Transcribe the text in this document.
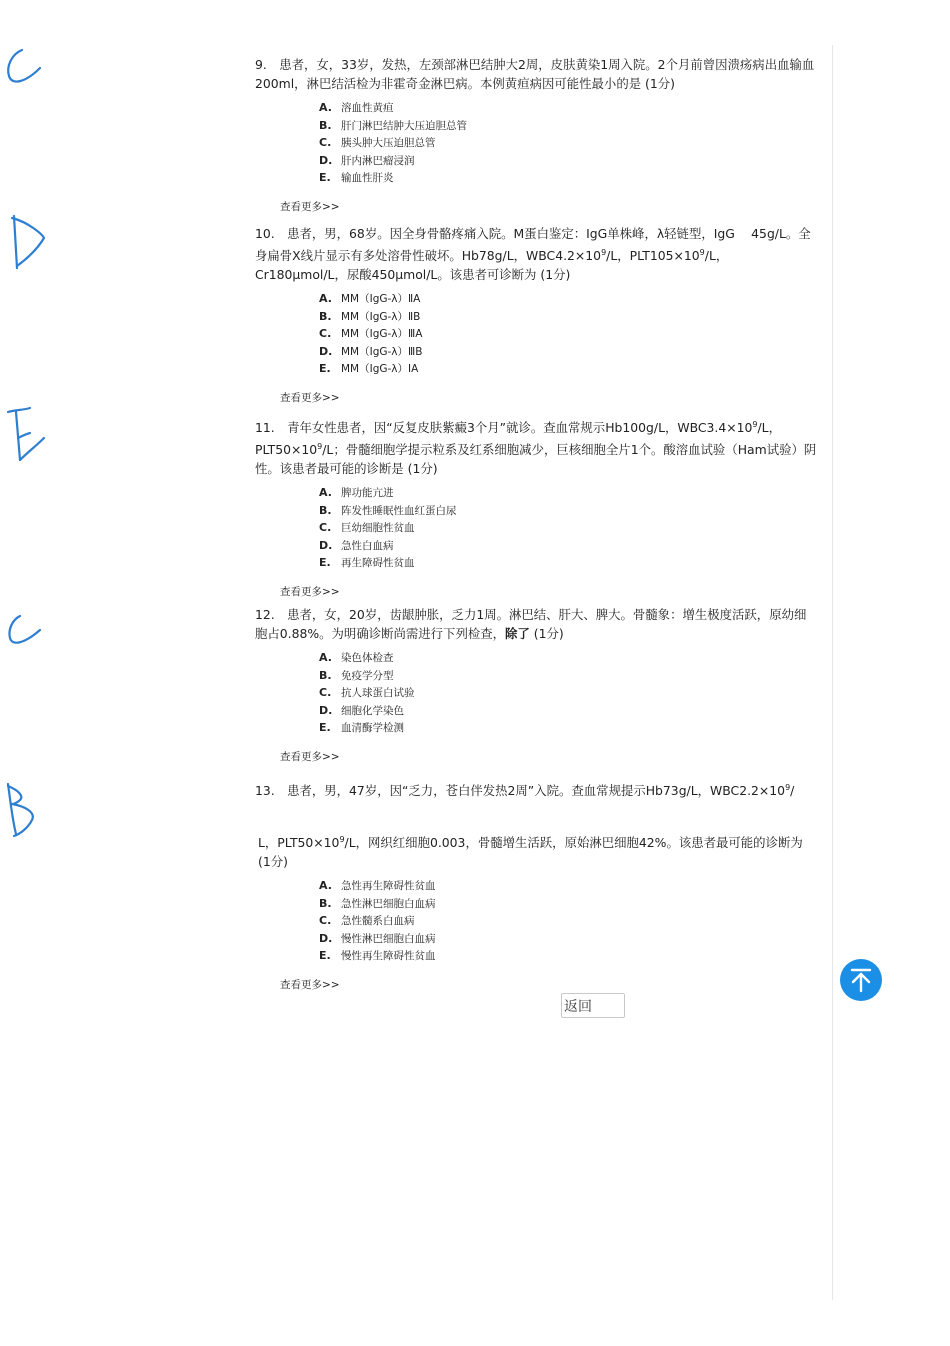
9.　患者，女，33岁，发热，左颈部淋巴结肿大2周，皮肤黄染1周入院。2个月前曾因溃疡病出血输血200ml，淋巴结活检为非霍奇金淋巴病。本例黄疸病因可能性最小的是 (1分)

A. 溶血性黄疸
B. 肝门淋巴结肿大压迫胆总管
C. 胰头肿大压迫胆总管
D. 肝内淋巴瘤浸润
E. 输血性肝炎
查看更多>>

10.　患者，男，68岁。因全身骨骼疼痛入院。M蛋白鉴定：IgG单株峰，λ轻链型，IgG　 45g/L。全身扁骨X线片显示有多处溶骨性破坏。Hb78g/L，$WBC4.2\times 10^9/L$，$PLT105\times 10^9/L$，Cr180μmol/L，尿酸450μmol/L。该患者可诊断为 (1分)

A. MM（IgG-λ）ⅡA
B. MM（IgG-λ）ⅡB
C. MM（IgG-λ）ⅢA
D. MM（IgG-λ）ⅢB
E. MM（IgG-λ）ⅠA
查看更多>>

11.　青年女性患者，因“反复皮肤紫癜3个月”就诊。查血常规示Hb100g/L，$WBC3.4\times 10^9/L$，$PLT50\times 10^9/L$；骨髓细胞学提示粒系及红系细胞减少，巨核细胞全片1个。酸溶血试验（Ham试验）阴性。该患者最可能的诊断是 (1分)

A. 脾功能亢进
B. 阵发性睡眠性血红蛋白尿
C. 巨幼细胞性贫血
D. 急性白血病
E. 再生障碍性贫血
查看更多>>

12.　患者，女，20岁，齿龈肿胀，乏力1周。淋巴结、肝大、脾大。骨髓象：增生极度活跃，原幼细胞占0.88%。为明确诊断尚需进行下列检查，除了 (1分)

A. 染色体检查
B. 免疫学分型
C. 抗人球蛋白试验
D. 细胞化学染色
E. 血清酶学检测
查看更多>>

13.　患者，男，47岁，因“乏力，苍白伴发热2周”入院。查血常规提示Hb73g/L，$WBC2.2\times 10^9/$

L，$PLT50\times 10^9/L$，网织红细胞0.003，骨髓增生活跃，原始淋巴细胞42%。该患者最可能的诊断为 (1分)

A. 急性再生障碍性贫血
B. 急性淋巴细胞白血病
C. 急性髓系白血病
D. 慢性淋巴细胞白血病
E. 慢性再生障碍性贫血
查看更多>>
返回
